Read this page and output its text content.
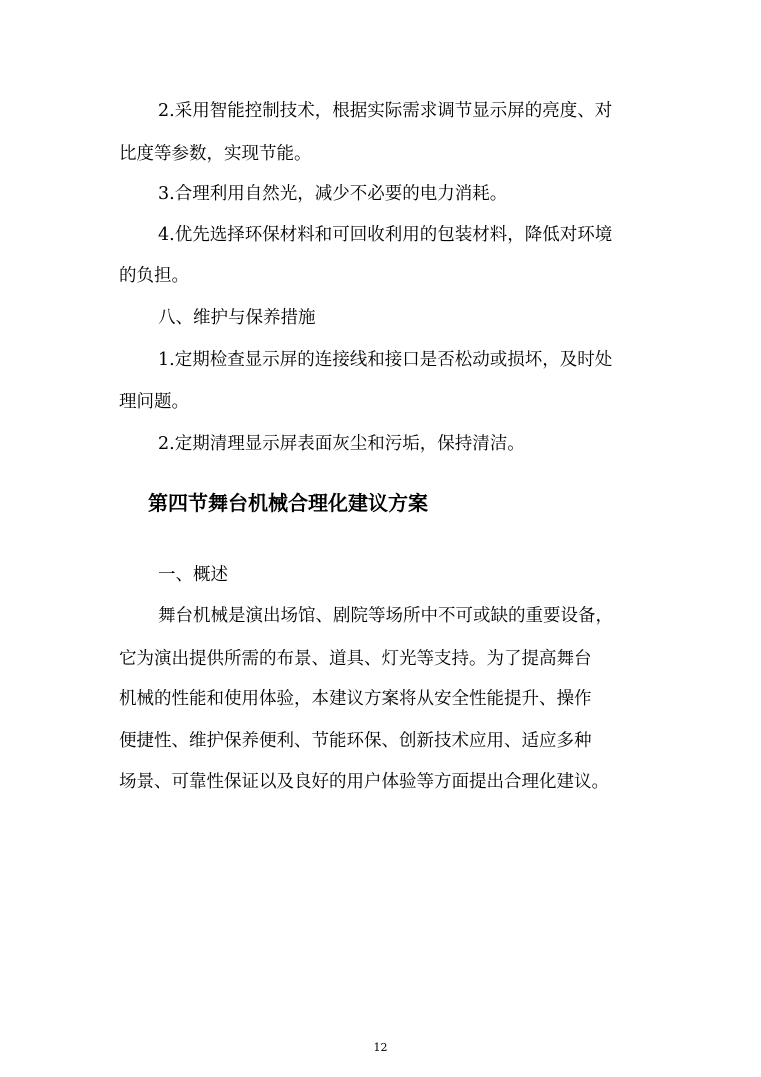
2.采用智能控制技术，根据实际需求调节显示屏的亮度、对
比度等参数，实现节能。
3.合理利用自然光，减少不必要的电力消耗。
4.优先选择环保材料和可回收利用的包装材料，降低对环境
的负担。
八、维护与保养措施
1.定期检查显示屏的连接线和接口是否松动或损坏，及时处
理问题。
2.定期清理显示屏表面灰尘和污垢，保持清洁。
第四节舞台机械合理化建议方案
一、概述
舞台机械是演出场馆、剧院等场所中不可或缺的重要设备，
它为演出提供所需的布景、道具、灯光等支持。为了提高舞台
机械的性能和使用体验，本建议方案将从安全性能提升、操作
便捷性、维护保养便利、节能环保、创新技术应用、适应多种
场景、可靠性保证以及良好的用户体验等方面提出合理化建议。
12
